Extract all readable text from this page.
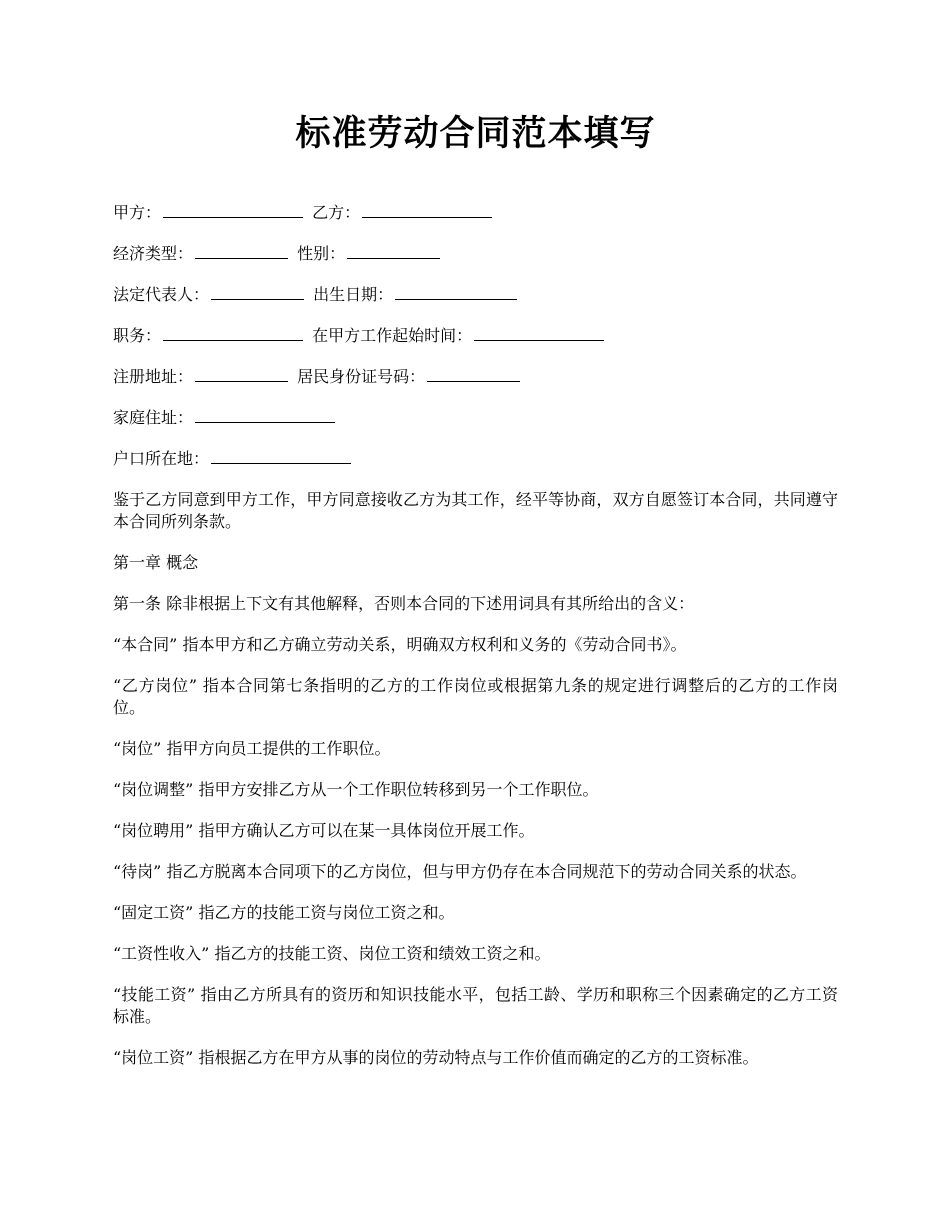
标准劳动合同范本填写
甲方：	乙方：
经济类型：	性别：
法定代表人：	出生日期：
职务：	在甲方工作起始时间：
注册地址：	居民身份证号码：
家庭住址：
户口所在地：

鉴于乙方同意到甲方工作，甲方同意接收乙方为其工作，经平等协商，双方自愿签订本合同，共同遵守本合同所列条款。

第一章 概念

第一条 除非根据上下文有其他解释，否则本合同的下述用词具有其所给出的含义：

“本合同” 指本甲方和乙方确立劳动关系，明确双方权利和义务的《劳动合同书》。

“乙方岗位” 指本合同第七条指明的乙方的工作岗位或根据第九条的规定进行调整后的乙方的工作岗位。

“岗位” 指甲方向员工提供的工作职位。

“岗位调整” 指甲方安排乙方从一个工作职位转移到另一个工作职位。

“岗位聘用” 指甲方确认乙方可以在某一具体岗位开展工作。

“待岗” 指乙方脱离本合同项下的乙方岗位，但与甲方仍存在本合同规范下的劳动合同关系的状态。

“固定工资” 指乙方的技能工资与岗位工资之和。

“工资性收入” 指乙方的技能工资、岗位工资和绩效工资之和。

“技能工资” 指由乙方所具有的资历和知识技能水平，包括工龄、学历和职称三个因素确定的乙方工资标准。

“岗位工资” 指根据乙方在甲方从事的岗位的劳动特点与工作价值而确定的乙方的工资标准。
